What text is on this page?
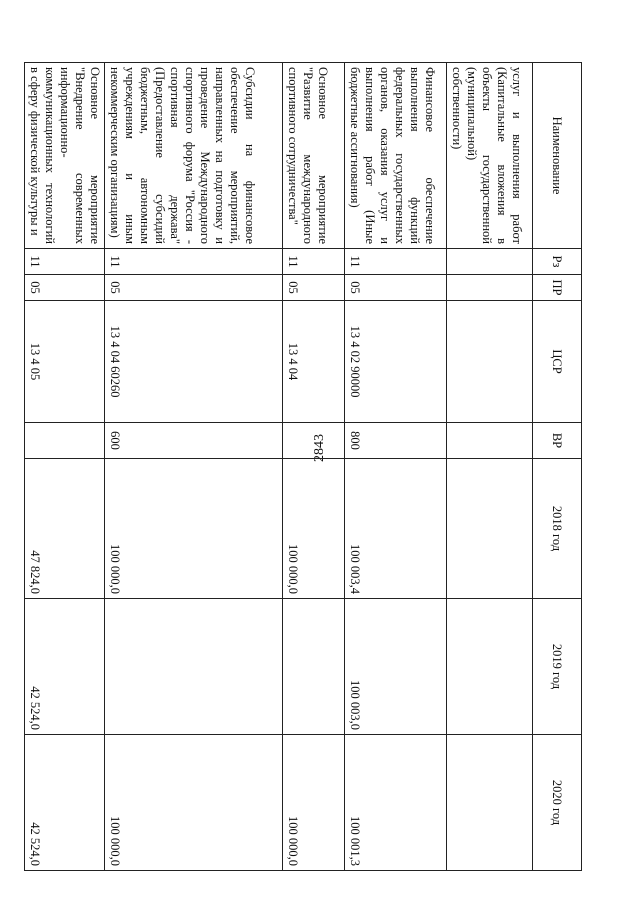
2843
Наименование	Рз	ПР	ЦСР	ВР	2018 год	2019 год	2020 год
услуг и выполнения работ (Капитальные вложения в объекты государственной (муниципальной) собственности)							
Финансовое обеспечение выполнения функций федеральных государственных органов, оказания услуг и выполнения работ (Иные бюджетные ассигнования)	11	05	13 4 02 90000	800	100 003,4	100 003,0	100 001,3
Основное мероприятие "Развитие международного спортивного сотрудничества"	11	05	13 4 04		100 000,0		100 000,0
Субсидии на финансовое обеспечение мероприятий, направленных на подготовку и проведение Международного спортивного форума "Россия - спортивная держава" (Предоставление субсидий бюджетным, автономным учреждениям и иным некоммерческим организациям)	11	05	13 4 04 60260	600	100 000,0		100 000,0
Основное мероприятие "Внедрение современных информационно-коммуникационных технологий в сферу физической культуры и	11	05	13 4 05		47 824,0	42 524,0	42 524,0
